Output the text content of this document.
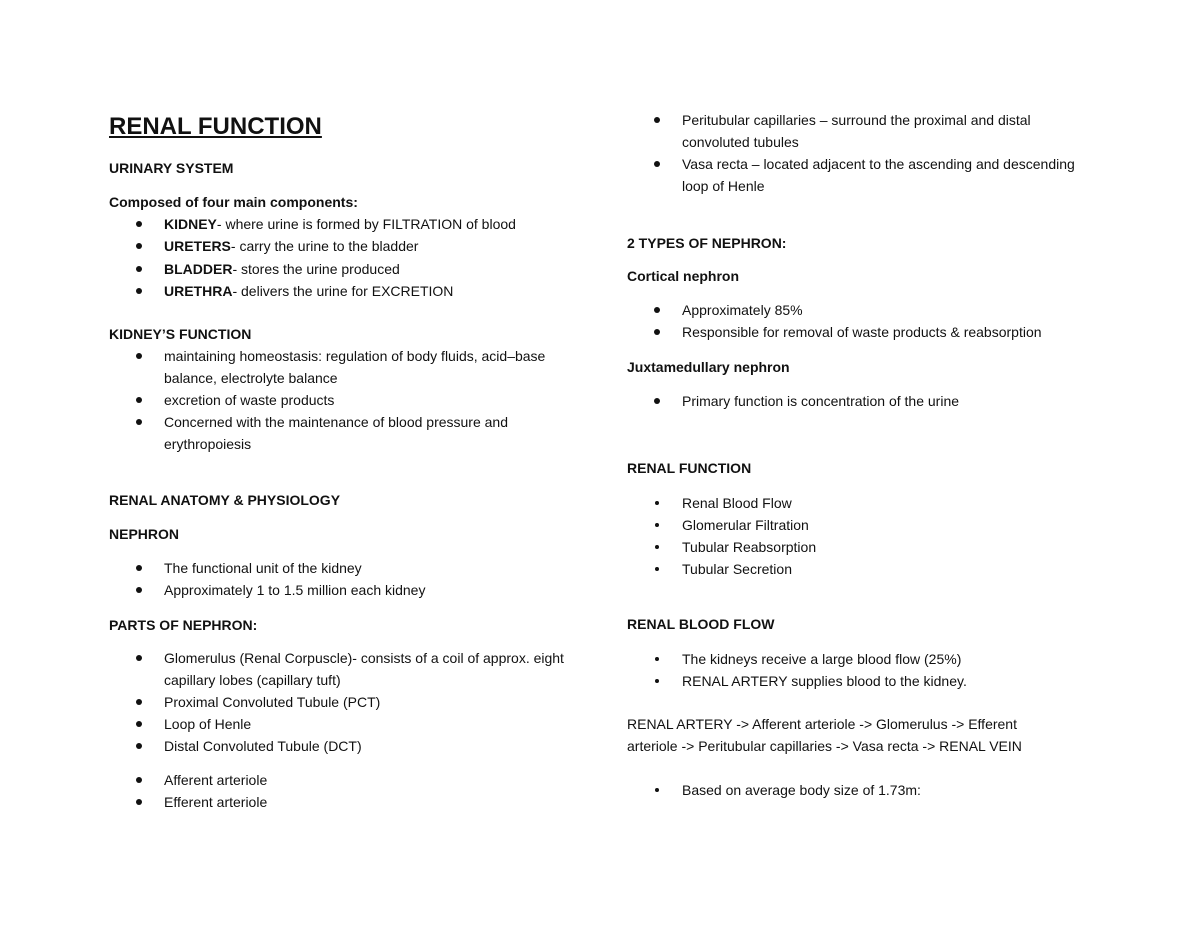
RENAL FUNCTION
URINARY SYSTEM
Composed of four main components:
KIDNEY- where urine is formed by FILTRATION of blood
URETERS- carry the urine to the bladder
BLADDER- stores the urine produced
URETHRA- delivers the urine for EXCRETION
KIDNEY’S FUNCTION
maintaining homeostasis: regulation of body fluids, acid–base balance, electrolyte balance
excretion of waste products
Concerned with the maintenance of blood pressure and erythropoiesis
RENAL ANATOMY & PHYSIOLOGY
NEPHRON
The functional unit of the kidney
Approximately 1 to 1.5 million each kidney
PARTS OF NEPHRON:
Glomerulus (Renal Corpuscle)- consists of a coil of approx. eight capillary lobes (capillary tuft)
Proximal Convoluted Tubule (PCT)
Loop of Henle
Distal Convoluted Tubule (DCT)
Afferent arteriole
Efferent arteriole
Peritubular capillaries – surround the proximal and distal convoluted tubules
Vasa recta – located adjacent to the ascending and descending loop of Henle
2 TYPES OF NEPHRON:
Cortical nephron
Approximately 85%
Responsible for removal of waste products & reabsorption
Juxtamedullary nephron
Primary function is concentration of the urine
RENAL FUNCTION
Renal Blood Flow
Glomerular Filtration
Tubular Reabsorption
Tubular Secretion
RENAL BLOOD FLOW
The kidneys receive a large blood flow (25%)
RENAL ARTERY supplies blood to the kidney.
RENAL ARTERY -> Afferent arteriole -> Glomerulus -> Efferent
arteriole -> Peritubular capillaries -> Vasa recta -> RENAL VEIN
Based on average body size of 1.73m:
